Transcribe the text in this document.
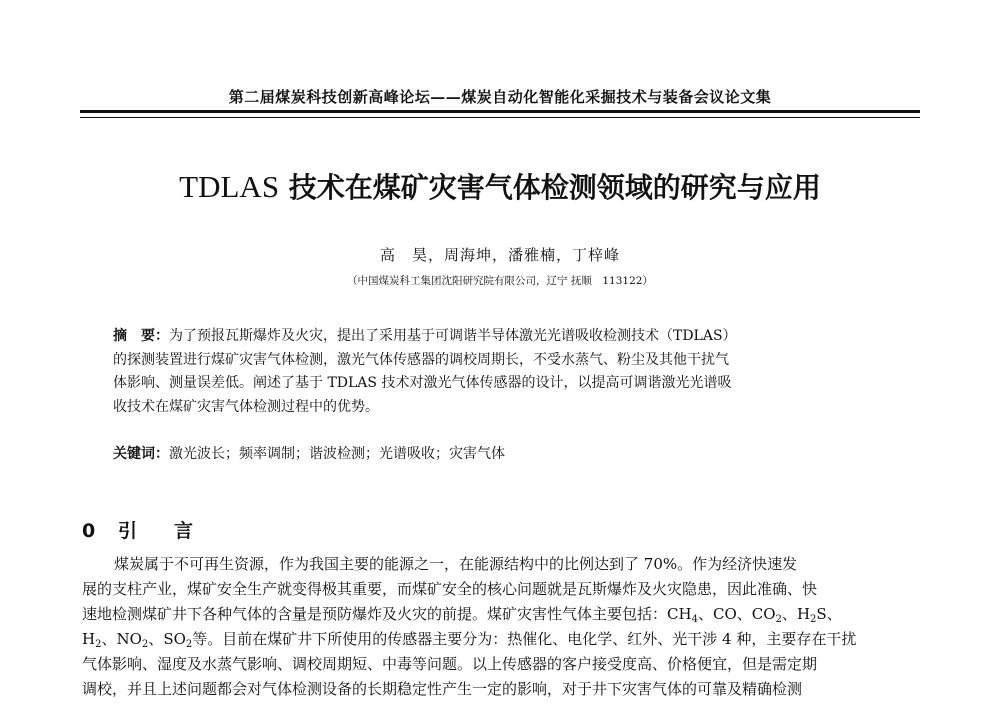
第二届煤炭科技创新高峰论坛——煤炭自动化智能化采掘技术与装备会议论文集
TDLAS 技术在煤矿灾害气体检测领域的研究与应用
高　昊，周海坤，潘雅楠，丁梓峰
（中国煤炭科工集团沈阳研究院有限公司，辽宁 抚顺　113122）
摘　要：为了预报瓦斯爆炸及火灾，提出了采用基于可调谐半导体激光光谱吸收检测技术（TDLAS）
的探测装置进行煤矿灾害气体检测，激光气体传感器的调校周期长，不受水蒸气、粉尘及其他干扰气
体影响、测量误差低。阐述了基于 TDLAS 技术对激光气体传感器的设计，以提高可调谐激光光谱吸
收技术在煤矿灾害气体检测过程中的优势。
关键词：激光波长；频率调制；谐波检测；光谱吸收；灾害气体
0 引 言
煤炭属于不可再生资源，作为我国主要的能源之一，在能源结构中的比例达到了 70%。作为经济快速发
展的支柱产业，煤矿安全生产就变得极其重要，而煤矿安全的核心问题就是瓦斯爆炸及火灾隐患，因此准确、快
速地检测煤矿井下各种气体的含量是预防爆炸及火灾的前提。煤矿灾害性气体主要包括：$CH_4$、CO、$CO_2$、$H_2S$、
$H_2$、$NO_2$、$SO_2$等。目前在煤矿井下所使用的传感器主要分为：热催化、电化学、红外、光干涉 4 种，主要存在干扰
气体影响、湿度及水蒸气影响、调校周期短、中毒等问题。以上传感器的客户接受度高、价格便宜，但是需定期
调校，并且上述问题都会对气体检测设备的长期稳定性产生一定的影响，对于井下灾害气体的可靠及精确检测
